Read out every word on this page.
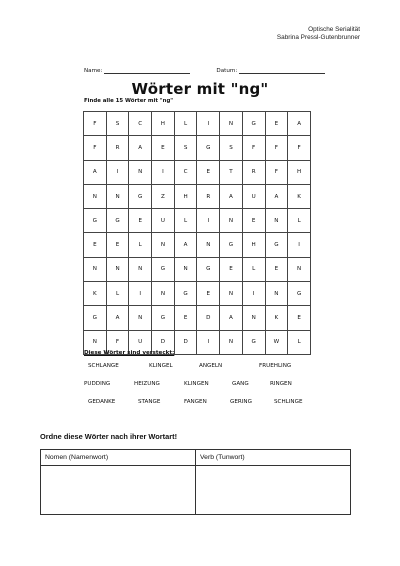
Optische Serialität
Sabrina Pressl-Gutenbrunner
Name:	Datum:
Wörter mit "ng"
Finde alle 15 Wörter mit "ng"
F	S	C	H	L	I	N	G	E	A
F	R	A	E	S	G	S	F	F	F
A	I	N	I	C	E	T	R	F	H
N	N	G	Z	H	R	A	U	A	K
G	G	E	U	L	I	N	E	N	L
E	E	L	N	A	N	G	H	G	I
N	N	N	G	N	G	E	L	E	N
K	L	I	N	G	E	N	I	N	G
G	A	N	G	E	D	A	N	K	E
N	F	U	D	D	I	N	G	W	L
Diese Wörter sind versteckt:
SCHLANGE	KLINGEL	ANGELN	FRUEHLING
PUDDING	HEIZUNG	KLINGEN	GANG	RINGEN
GEDANKE	STANGE	FANGEN	GERING	SCHLINGE
Ordne diese Wörter nach ihrer Wortart!
Nomen (Namenwort)	Verb (Tunwort)
